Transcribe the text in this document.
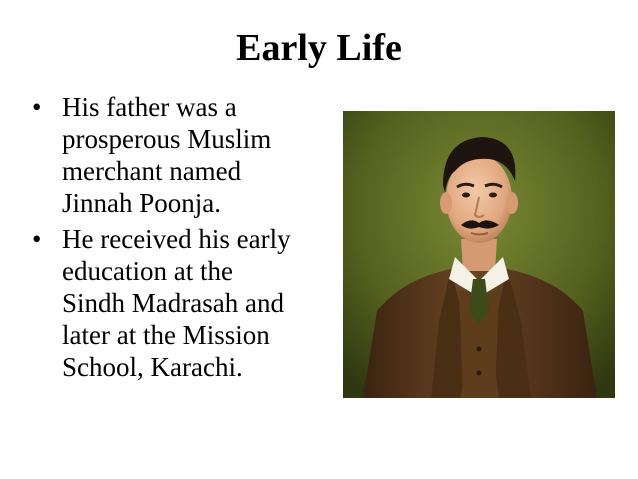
Early Life
• His father was a
prosperous Muslim
merchant named
Jinnah Poonja.
• He received his early
education at the
Sindh Madrasah and
later at the Mission
School, Karachi.
